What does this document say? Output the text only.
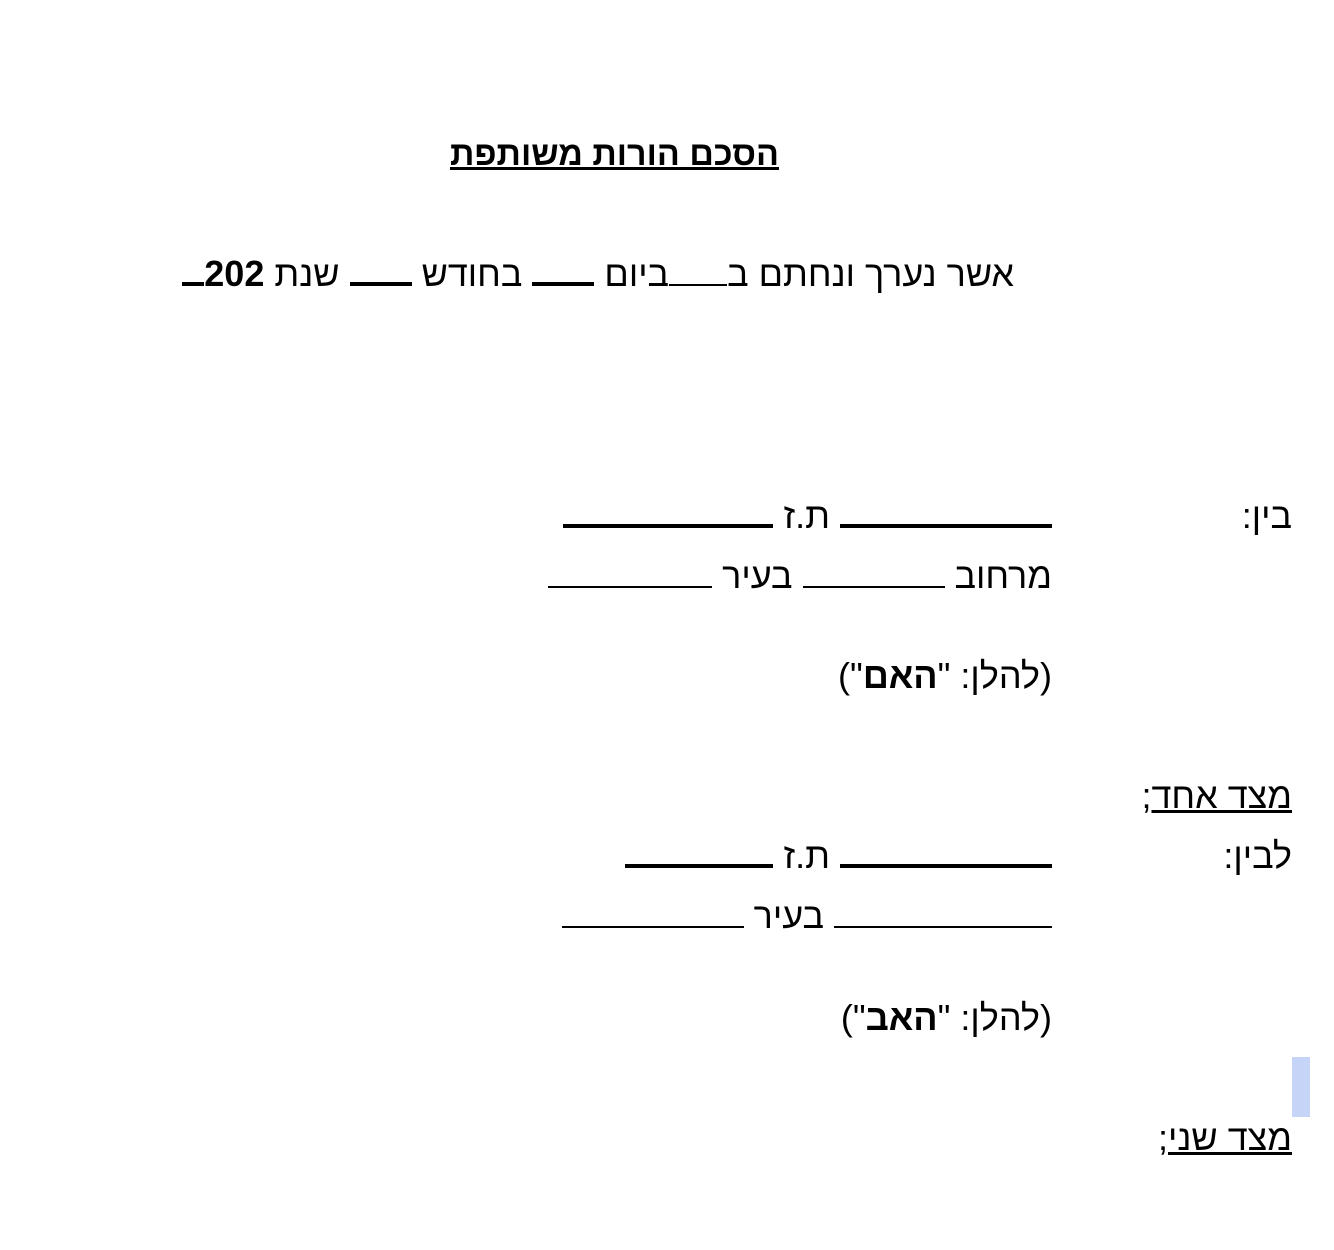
הסכם הורות משותפת
אשר נערך ונחתם בביום  בחודש  שנת 202
בין:
ת.ז
מרחוב  בעיר
(להלן: "האם")
מצד אחד;
לבין:
ת.ז
בעיר
(להלן: "האב")
מצד שני;
